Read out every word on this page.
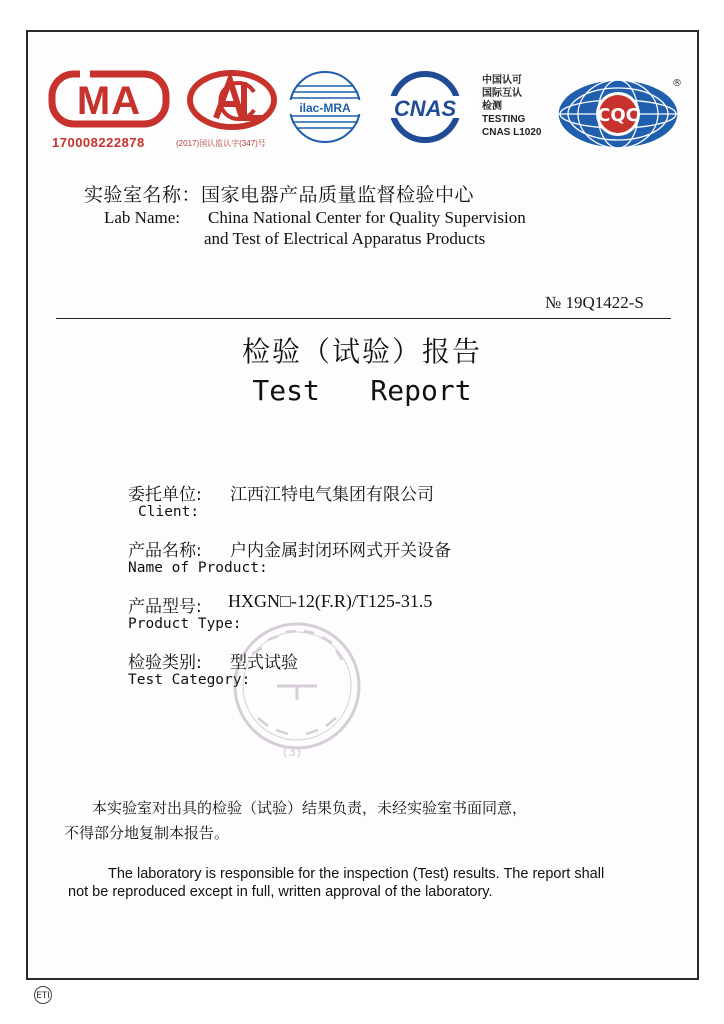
MA
170008222878	(2017)国认监认字(347)号
ilac-MRA CNAS
中国认可
国际互认
检测
TESTING
CNAS L1020
CQC
®
实验室名称：国家电器产品质量监督检验中心
Lab Name: China National Center for Quality Supervision
and Test of Electrical Apparatus Products
№ 19Q1422-S
检验（试验）报告
Test   Report
委托单位: 江西江特电气集团有限公司
Client:
产品名称: 户内金属封闭环网式开关设备
Name of Product:
产品型号: HXGN□-12(F.R)/T125-31.5
Product Type:
检验类别: 型式试验
Test Category:
(3)
本实验室对出具的检验（试验）结果负责，未经实验室书面同意，
不得部分地复制本报告。
The laboratory is responsible for the inspection (Test) results. The report shall
not be reproduced except in full, written approval of the laboratory.
ETI
